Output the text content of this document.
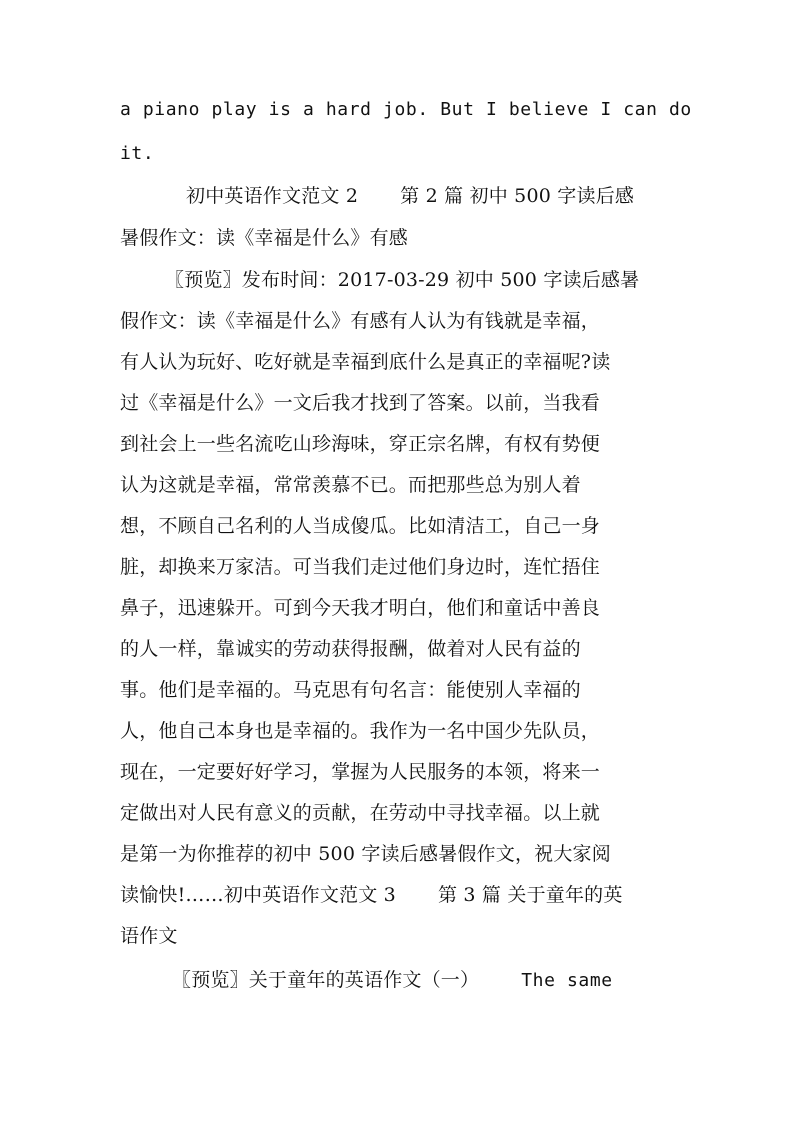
a piano play is a hard job. But I believe I can do
it.
初中英语作文范文 2 第 2 篇 初中 500 字读后感
暑假作文：读《幸福是什么》有感
〖预览〗发布时间：2017-03-29 初中 500 字读后感暑
假作文：读《幸福是什么》有感有人认为有钱就是幸福，
有人认为玩好、吃好就是幸福到底什么是真正的幸福呢?读
过《幸福是什么》一文后我才找到了答案。以前，当我看
到社会上一些名流吃山珍海味，穿正宗名牌，有权有势便
认为这就是幸福，常常羡慕不已。而把那些总为别人着
想，不顾自己名利的人当成傻瓜。比如清洁工，自己一身
脏，却换来万家洁。可当我们走过他们身边时，连忙捂住
鼻子，迅速躲开。可到今天我才明白，他们和童话中善良
的人一样，靠诚实的劳动获得报酬，做着对人民有益的
事。他们是幸福的。马克思有句名言：能使别人幸福的
人，他自己本身也是幸福的。我作为一名中国少先队员，
现在，一定要好好学习，掌握为人民服务的本领，将来一
定做出对人民有意义的贡献，在劳动中寻找幸福。以上就
是第一为你推荐的初中 500 字读后感暑假作文，祝大家阅
读愉快!……初中英语作文范文 3 第 3 篇 关于童年的英
语作文
〖预览〗关于童年的英语作文（一） The same
